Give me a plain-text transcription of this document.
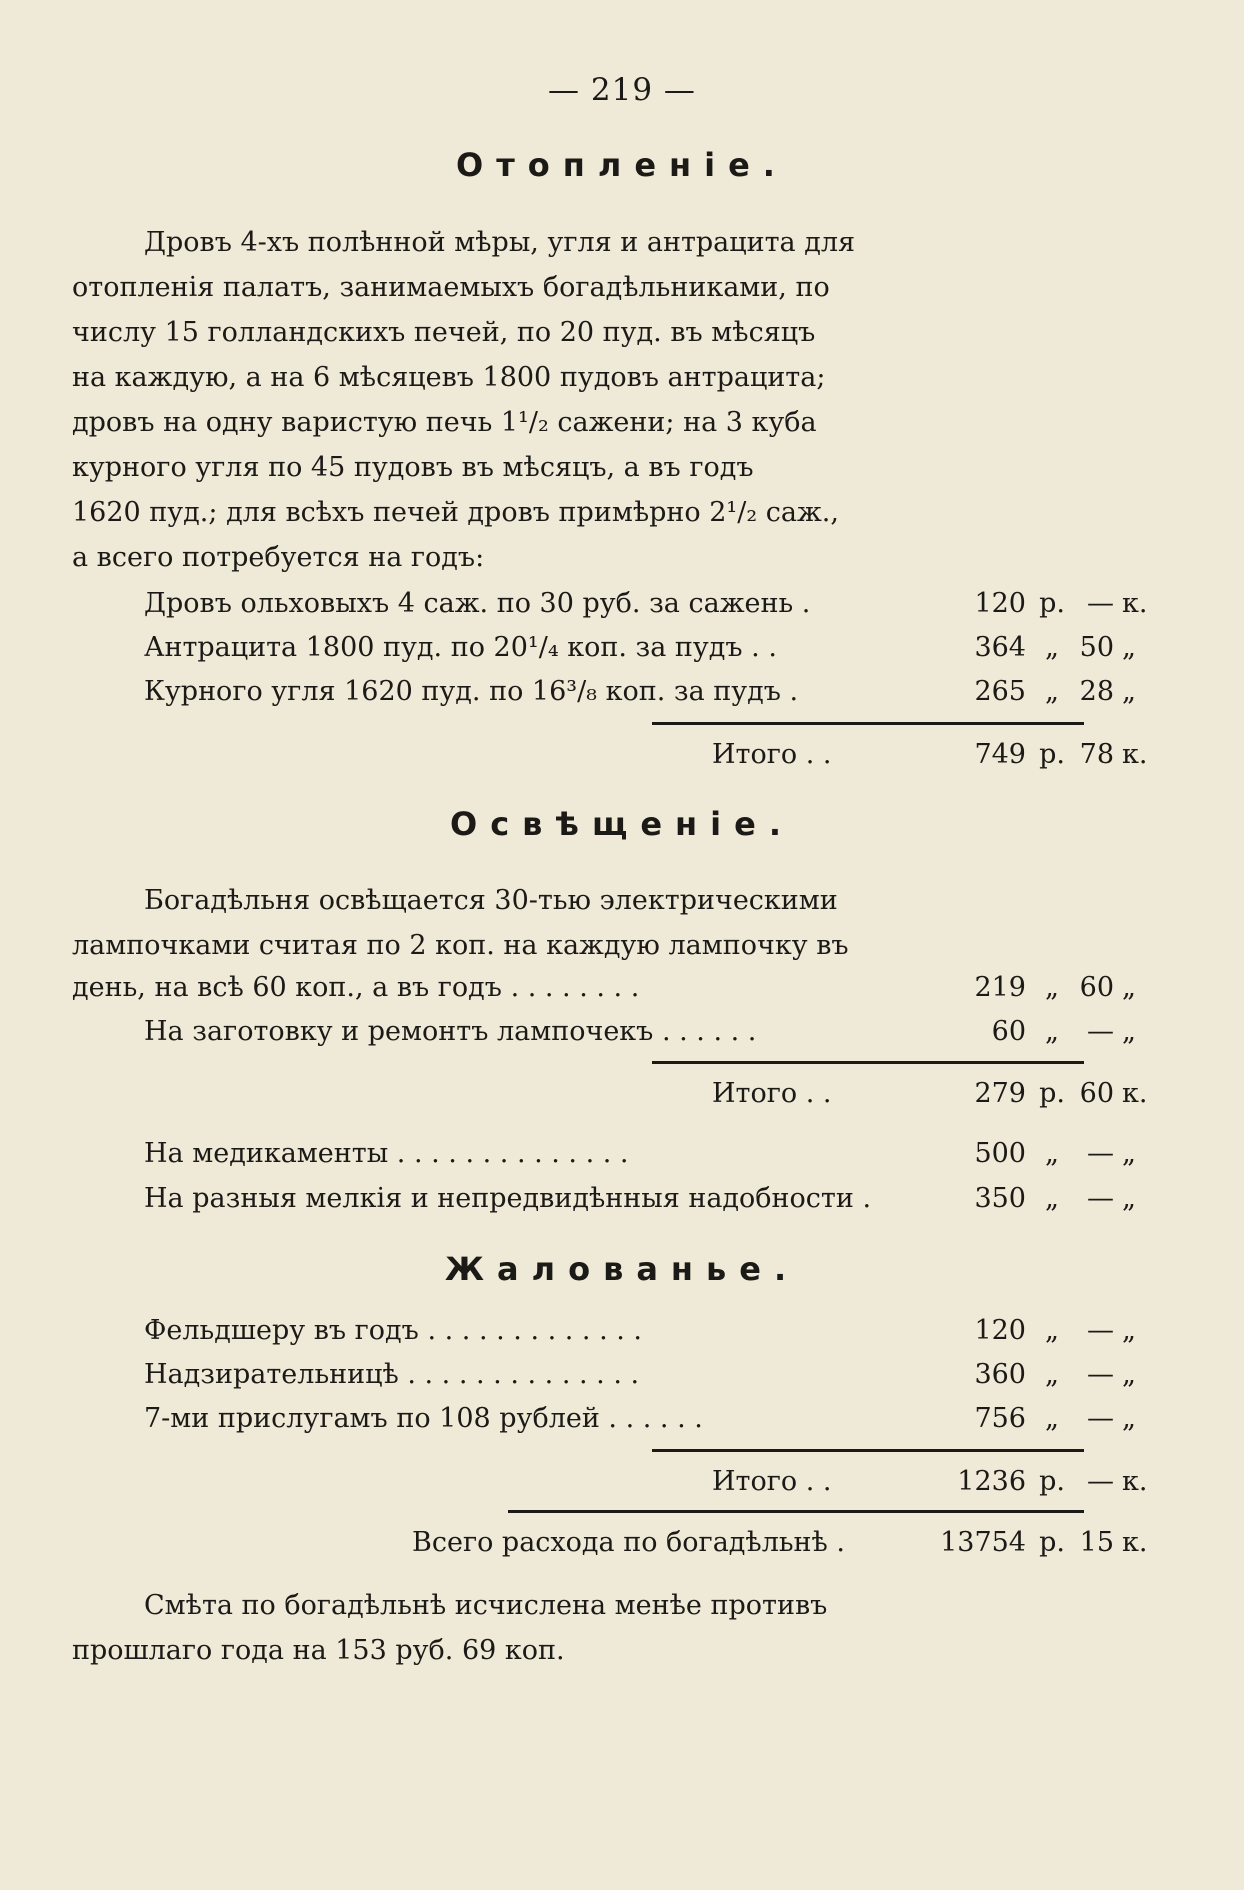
— 219 —
Отопленіе.
Дровъ 4-хъ полѣнной мѣры, угля и антрацита для
отопленія палатъ, занимаемыхъ богадѣльниками, по
числу 15 голландскихъ печей, по 20 пуд. въ мѣсяцъ
на каждую, а на 6 мѣсяцевъ 1800 пудовъ антрацита;
дровъ на одну варистую печь 1¹/₂ сажени; на 3 куба
курного угля по 45 пудовъ въ мѣсяцъ, а въ годъ
1620 пуд.; для всѣхъ печей дровъ примѣрно 2¹/₂ саж.,
а всего потребуется на годъ:
Дровъ ольховыхъ 4 саж. по 30 руб. за сажень .	120 р. — к.
Антрацита 1800 пуд. по 20¹/₄ коп. за пудъ . .	364 „ 50 „
Курного угля 1620 пуд. по 16³/₈ коп. за пудъ .	265 „ 28 „
Итого . .	749 р. 78 к.
Освѣщеніе.
Богадѣльня освѣщается 30-тью электрическими
лампочками считая по 2 коп. на каждую лампочку въ
день, на всѣ 60 коп., а въ годъ . . . . . . . .	219 „ 60 „
На заготовку и ремонтъ лампочекъ . . . . . .	60 „	— „
Итого . .	279 р. 60 к.
На медикаменты . . . . . . . . . . . . . .	500 „	— „
На разныя мелкія и непредвидѣнныя надобности .	350 „	— „
Жалованье.
Фельдшеру въ годъ . . . . . . . . . . . . .	120 „	— „
Надзирательницѣ . . . . . . . . . . . . . .	360 „	— „
7-ми прислугамъ по 108 рублей . . . . . .	756 „	— „
Итого . .	1236 р. — к.
Всего расхода по богадѣльнѣ .	13754 р. 15 к.
Смѣта по богадѣльнѣ исчислена менѣе противъ
прошлаго года на 153 руб. 69 коп.
